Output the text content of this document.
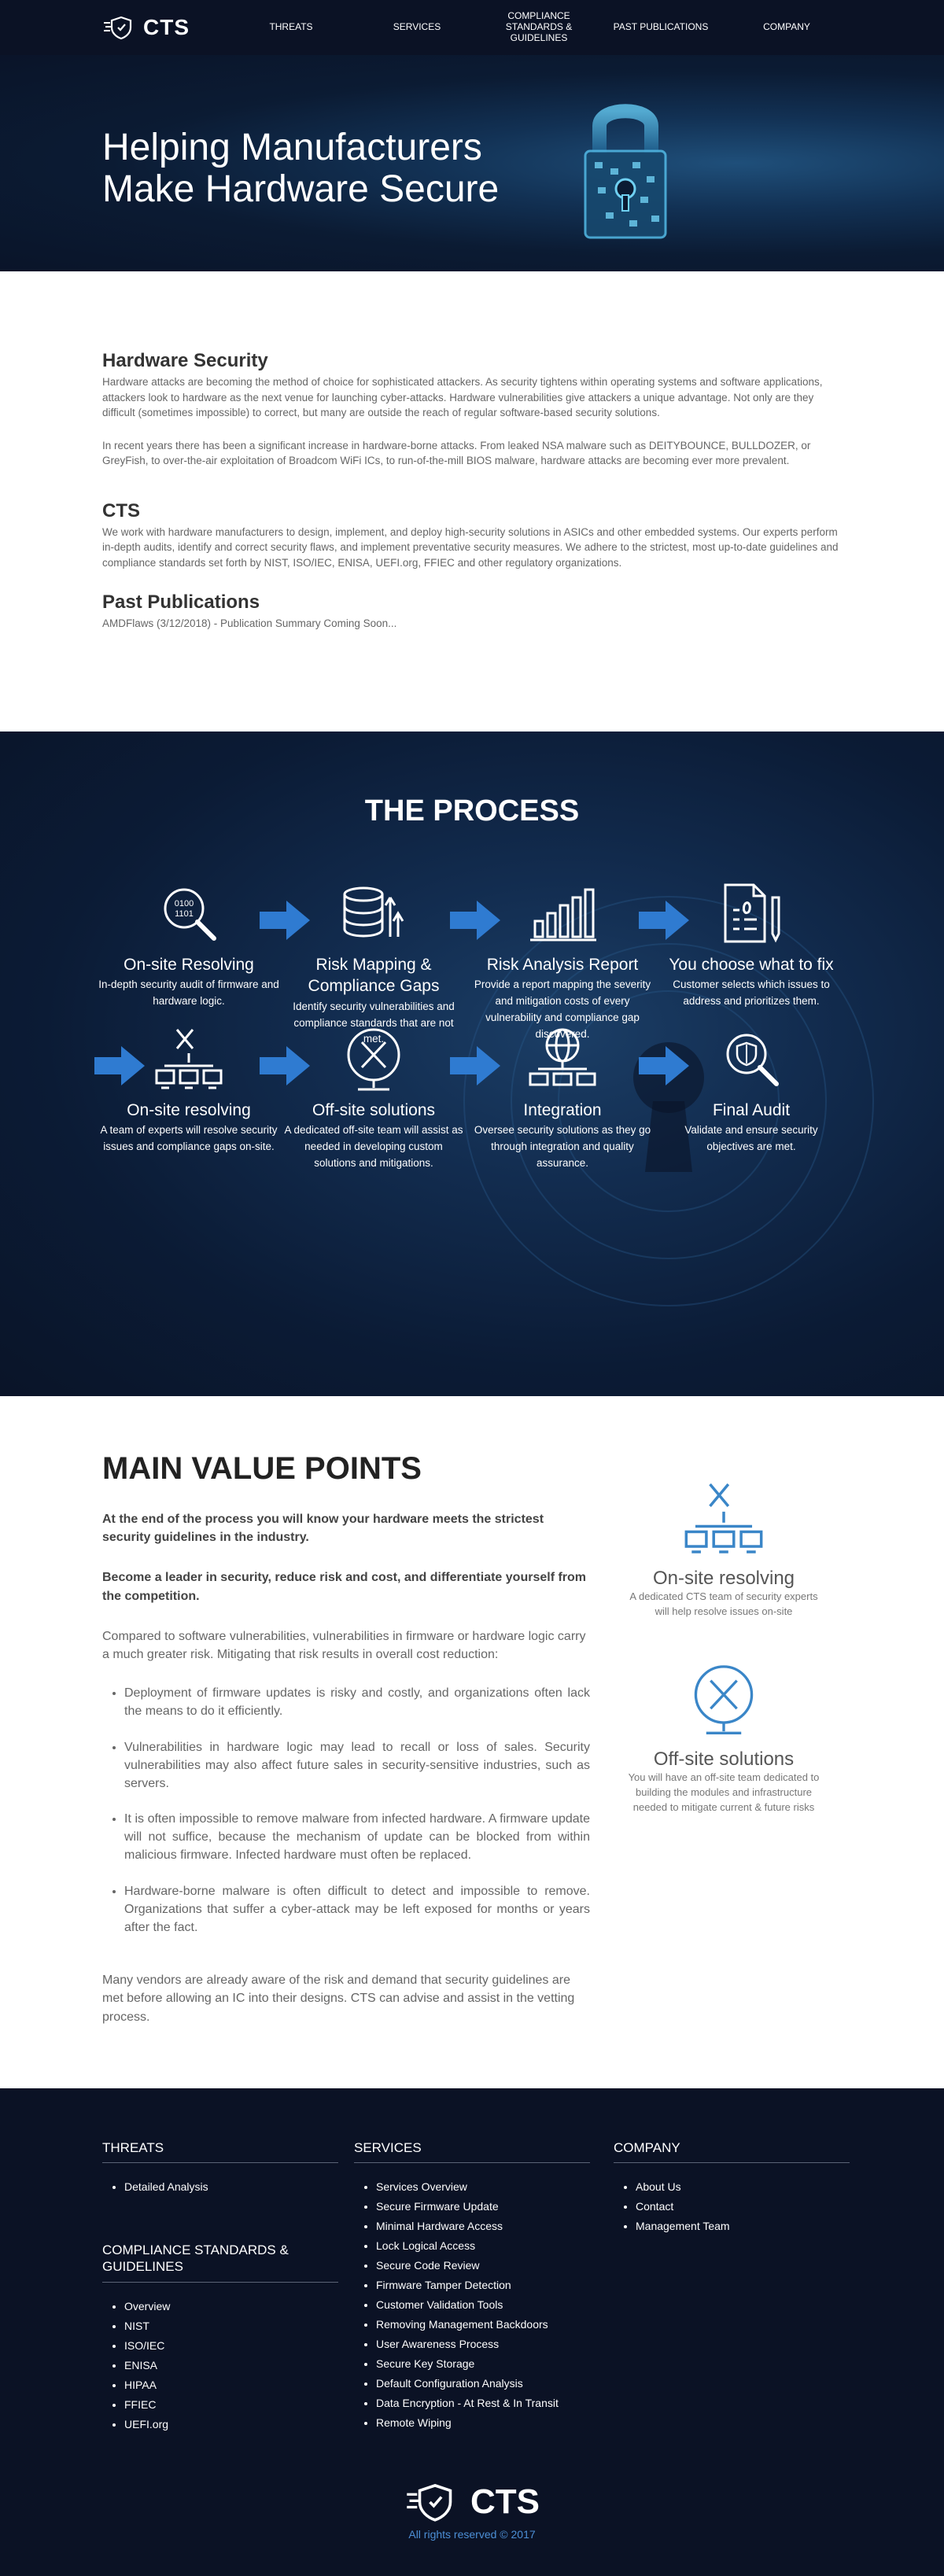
CTS	THREATS	SERVICES
COMPLIANCE STANDARDS & GUIDELINES
PAST PUBLICATIONS	COMPANY
Helping Manufacturers
Make Hardware Secure
Hardware Security

Hardware attacks are becoming the method of choice for sophisticated attackers. As security tightens within operating systems and software applications, attackers look to hardware as the next venue for launching cyber-attacks. Hardware vulnerabilities give attackers a unique advantage. Not only are they difficult (sometimes impossible) to correct, but many are outside the reach of regular software-based security solutions.

In recent years there has been a significant increase in hardware-borne attacks. From leaked NSA malware such as DEITYBOUNCE, BULLDOZER, or GreyFish, to over-the-air exploitation of Broadcom WiFi ICs, to run-of-the-mill BIOS malware, hardware attacks are becoming ever more prevalent.

CTS

We work with hardware manufacturers to design, implement, and deploy high-security solutions in ASICs and other embedded systems. Our experts perform in-depth audits, identify and correct security flaws, and implement preventative security measures. We adhere to the strictest, most up-to-date guidelines and compliance standards set forth by NIST, ISO/IEC, ENISA, UEFI.org, FFIEC and other regulatory organizations.

Past Publications

AMDFlaws (3/12/2018) - Publication Summary Coming Soon...

THE PROCESS
0100
1101
On-site Resolving

In-depth security audit of firmware and hardware logic.

Risk Mapping & Compliance Gaps

Identify security vulnerabilities and compliance standards that are not met.

Risk Analysis Report

Provide a report mapping the severity and mitigation costs of every vulnerability and compliance gap discovered.

You choose what to fix

Customer selects which issues to address and prioritizes them.

On-site resolving

A team of experts will resolve security issues and compliance gaps on-site.

Off-site solutions

A dedicated off-site team will assist as needed in developing custom solutions and mitigations.

Integration

Oversee security solutions as they go through integration and quality assurance.

Final Audit

Validate and ensure security objectives are met.

MAIN VALUE POINTS

At the end of the process you will know your hardware meets the strictest security guidelines in the industry.

Become a leader in security, reduce risk and cost, and differentiate yourself from the competition.

Compared to software vulnerabilities, vulnerabilities in firmware or hardware logic carry a much greater risk. Mitigating that risk results in overall cost reduction:

• Deployment of firmware updates is risky and costly, and organizations often lack the means to do it efficiently.
• Vulnerabilities in hardware logic may lead to recall or loss of sales. Security vulnerabilities may also affect future sales in security-sensitive industries, such as servers.
• It is often impossible to remove malware from infected hardware. A firmware update will not suffice, because the mechanism of update can be blocked from within malicious firmware. Infected hardware must often be replaced.
• Hardware-borne malware is often difficult to detect and impossible to remove. Organizations that suffer a cyber-attack may be left exposed for months or years after the fact.

Many vendors are already aware of the risk and demand that security guidelines are met before allowing an IC into their designs. CTS can advise and assist in the vetting process.

On-site resolving

A dedicated CTS team of security experts will help resolve issues on-site

Off-site solutions

You will have an off-site team dedicated to building the modules and infrastructure needed to mitigate current & future risks

THREATS
• Detailed Analysis
COMPLIANCE STANDARDS & GUIDELINES
• Overview
• NIST
• ISO/IEC
• ENISA
• HIPAA
• FFIEC
• UEFI.org
SERVICES
• Services Overview
• Secure Firmware Update
• Minimal Hardware Access
• Lock Logical Access
• Secure Code Review
• Firmware Tamper Detection
• Customer Validation Tools
• Removing Management Backdoors
• User Awareness Process
• Secure Key Storage
• Default Configuration Analysis
• Data Encryption - At Rest & In Transit
• Remote Wiping
COMPANY
• About Us
• Contact
• Management Team
CTS
All rights reserved © 2017
